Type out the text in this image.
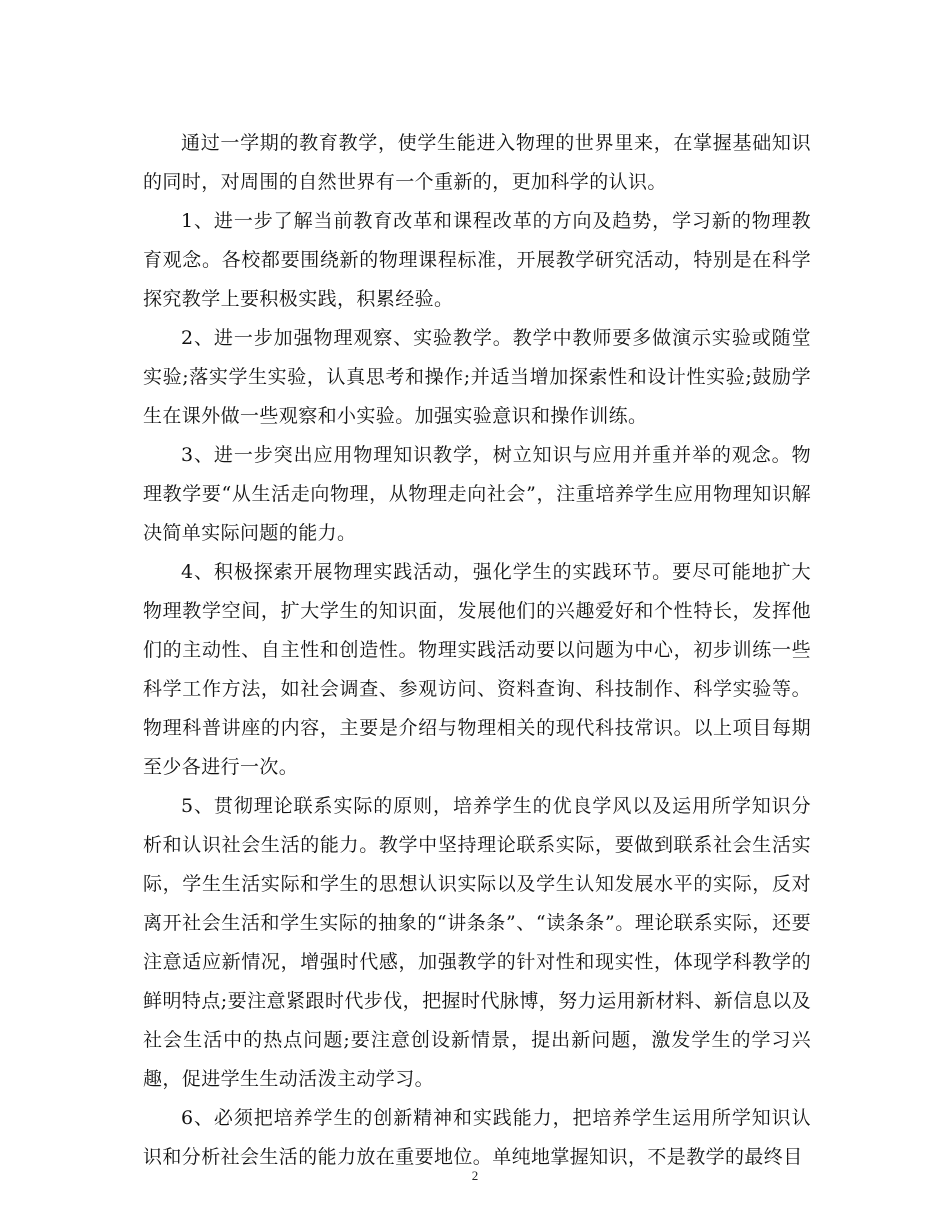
通过一学期的教育教学，使学生能进入物理的世界里来，在掌握基础知识的同时，对周围的自然世界有一个重新的，更加科学的认识。

1、进一步了解当前教育改革和课程改革的方向及趋势，学习新的物理教育观念。各校都要围绕新的物理课程标准，开展教学研究活动，特别是在科学探究教学上要积极实践，积累经验。

2、进一步加强物理观察、实验教学。教学中教师要多做演示实验或随堂实验;落实学生实验，认真思考和操作;并适当增加探索性和设计性实验;鼓励学生在课外做一些观察和小实验。加强实验意识和操作训练。

3、进一步突出应用物理知识教学，树立知识与应用并重并举的观念。物理教学要“从生活走向物理，从物理走向社会”，注重培养学生应用物理知识解决简单实际问题的能力。

4、积极探索开展物理实践活动，强化学生的实践环节。要尽可能地扩大物理教学空间，扩大学生的知识面，发展他们的兴趣爱好和个性特长，发挥他们的主动性、自主性和创造性。物理实践活动要以问题为中心，初步训练一些科学工作方法，如社会调查、参观访问、资料查询、科技制作、科学实验等。物理科普讲座的内容，主要是介绍与物理相关的现代科技常识。以上项目每期至少各进行一次。

5、贯彻理论联系实际的原则，培养学生的优良学风以及运用所学知识分析和认识社会生活的能力。教学中坚持理论联系实际，要做到联系社会生活实际，学生生活实际和学生的思想认识实际以及学生认知发展水平的实际，反对离开社会生活和学生实际的抽象的“讲条条”、“读条条”。理论联系实际，还要注意适应新情况，增强时代感，加强教学的针对性和现实性，体现学科教学的鲜明特点;要注意紧跟时代步伐，把握时代脉博，努力运用新材料、新信息以及社会生活中的热点问题;要注意创设新情景，提出新问题，激发学生的学习兴趣，促进学生生动活泼主动学习。

6、必须把培养学生的创新精神和实践能力，把培养学生运用所学知识认识和分析社会生活的能力放在重要地位。单纯地掌握知识，不是教学的最终目

2
